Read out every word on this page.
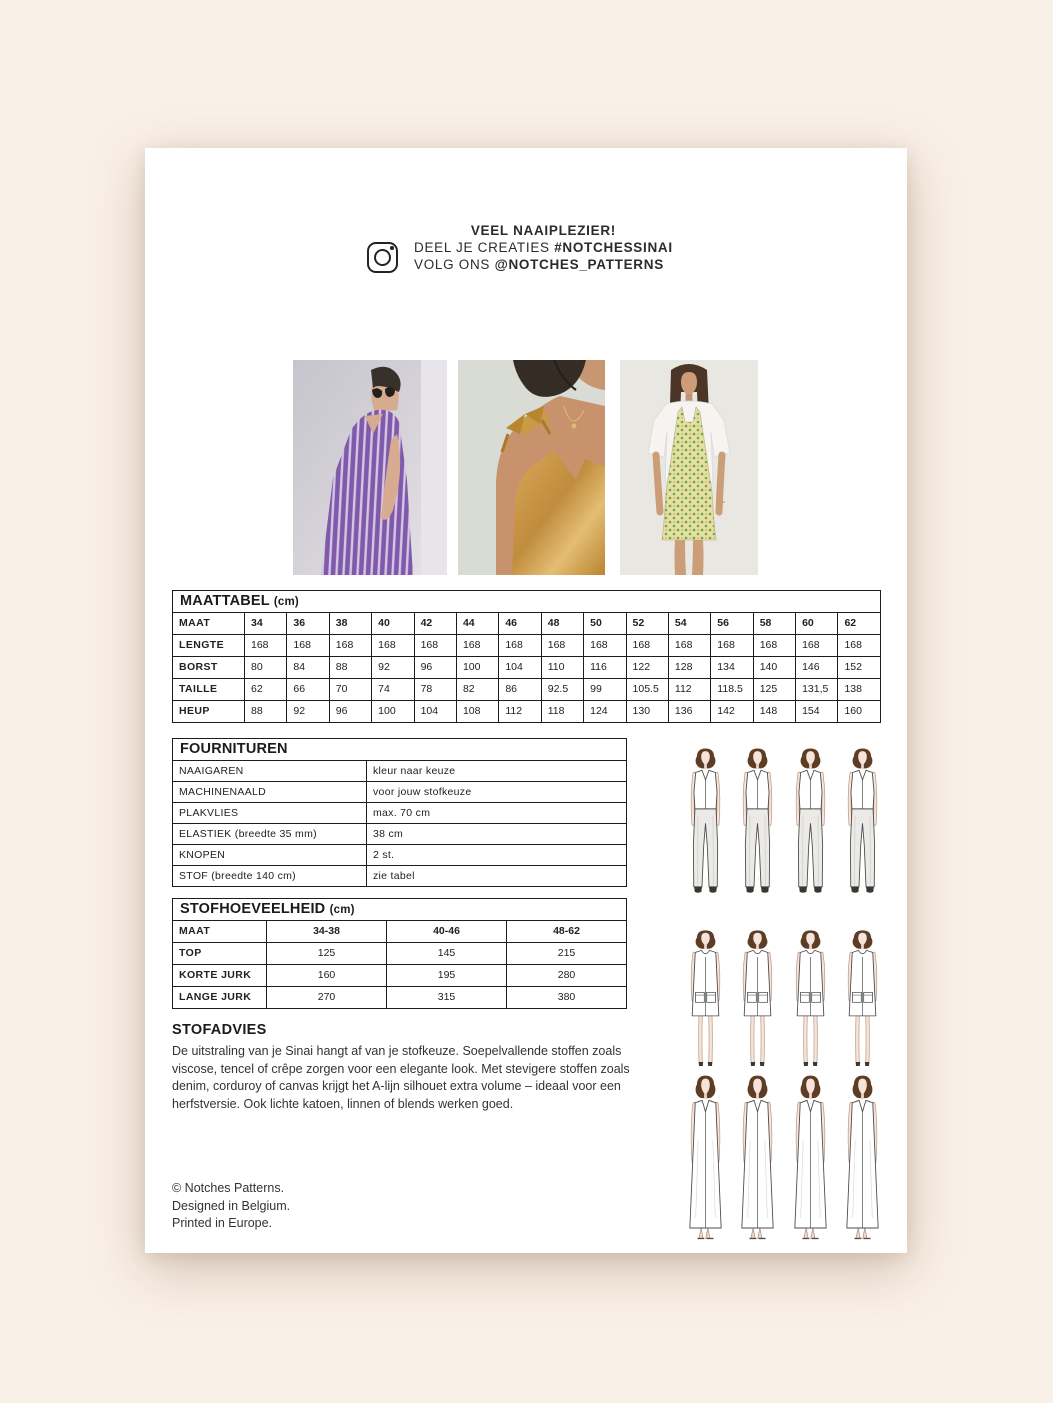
VEEL NAAIPLEZIER!
DEEL JE CREATIES #NOTCHESSINAI
VOLG ONS @NOTCHES_PATTERNS
MAATTABEL (cm)
MAAT	34	36	38	40	42	44	46	48	50	52	54	56	58	60	62
LENGTE	168	168	168	168	168	168	168	168	168	168	168	168	168	168	168
BORST	80	84	88	92	96	100	104	110	116	122	128	134	140	146	152
TAILLE	62	66	70	74	78	82	86	92.5	99	105.5	112	118.5	125	131,5	138
HEUP	88	92	96	100	104	108	112	118	124	130	136	142	148	154	160
FOURNITUREN
NAAIGAREN	kleur naar keuze
MACHINENAALD	voor jouw stofkeuze
PLAKVLIES	max. 70 cm
ELASTIEK (breedte 35 mm)	38 cm
KNOPEN	2 st.
STOF (breedte 140 cm)	zie tabel
STOFHOEVEELHEID (cm)
MAAT	34-38	40-46	48-62
TOP	125	145	215
KORTE JURK	160	195	280
LANGE JURK	270	315	380
STOFADVIES

De uitstraling van je Sinai hangt af van je stofkeuze. Soepelvallende stoffen zoals viscose, tencel of crêpe zorgen voor een elegante look. Met stevigere stoffen zoals denim, corduroy of canvas krijgt het A-lijn silhouet extra volume – ideaal voor een herfstversie. Ook lichte katoen, linnen of blends werken goed.

© Notches Patterns.
Designed in Belgium.
Printed in Europe.
